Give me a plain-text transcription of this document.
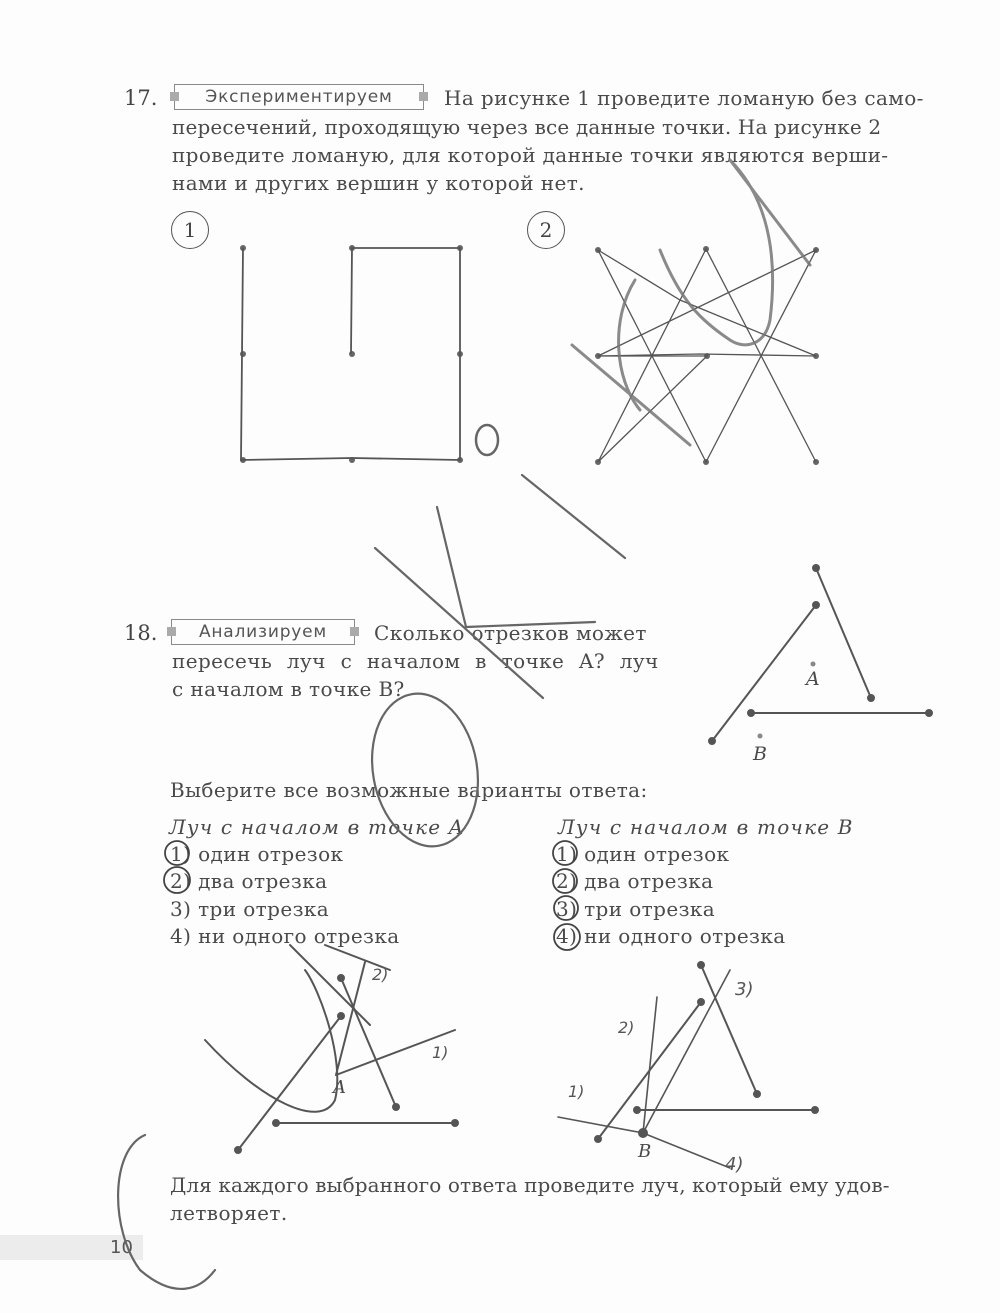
17.	Экспериментируем	На рисунке 1 проведите ломаную без само-
пересечений, проходящую через все данные точки. На рисунке 2
проведите ломаную, для которой данные точки являются верши-
нами и других вершин у которой нет.
1	2
18. Анализируем Сколько отрезков может
пересечь луч с началом в точке A? луч
с началом в точке B?	A
B
Выберите все возможные варианты ответа:
Луч с началом в точке A
1) один отрезок
2) два отрезка
3) три отрезка
4) ни одного отрезка
Луч с началом в точке B
1) один отрезок
2) два отрезка
3) три отрезка
4) ни одного отрезка
A
B
Для каждого выбранного ответа проведите луч, который ему удов-
летворяет.
10
2)
1)
1)
2)
3)
4)
